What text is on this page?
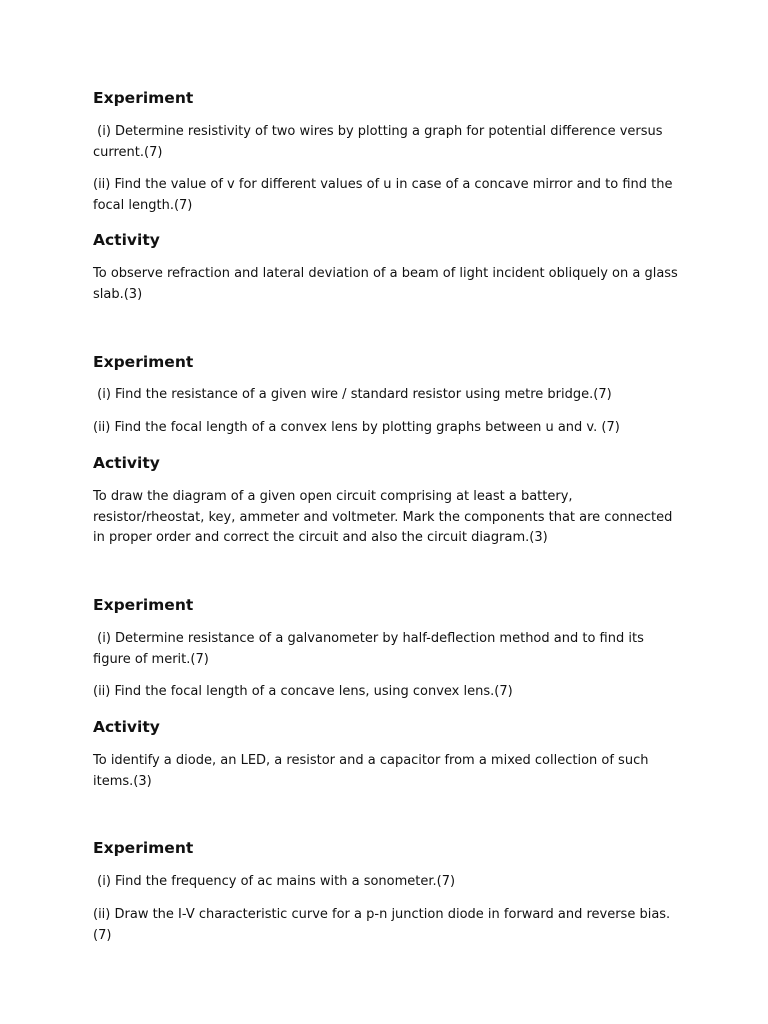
Experiment
(i) Determine resistivity of two wires by plotting a graph for potential difference versus current.(7)
(ii) Find the value of v for different values of u in case of a concave mirror and to find the focal length.(7)
Activity
To observe refraction and lateral deviation of a beam of light incident obliquely on a glass slab.(3)
Experiment
(i) Find the resistance of a given wire / standard resistor using metre bridge.(7)
(ii) Find the focal length of a convex lens by plotting graphs between u and v. (7)
Activity
To draw the diagram of a given open circuit comprising at least a battery,  resistor/rheostat, key, ammeter and voltmeter. Mark the components that are connected in proper order and correct the circuit and also the circuit diagram.(3)
Experiment
(i) Determine resistance of a galvanometer by half-deflection method and to find its figure of merit.(7)
(ii) Find the focal length of a concave lens, using convex lens.(7)
Activity
To identify a diode, an LED, a resistor and a capacitor from a mixed collection of such items.(3)
Experiment
(i) Find the frequency of ac mains with a sonometer.(7)
(ii) Draw the I-V characteristic curve for a p-n junction diode in forward and reverse bias.(7)
